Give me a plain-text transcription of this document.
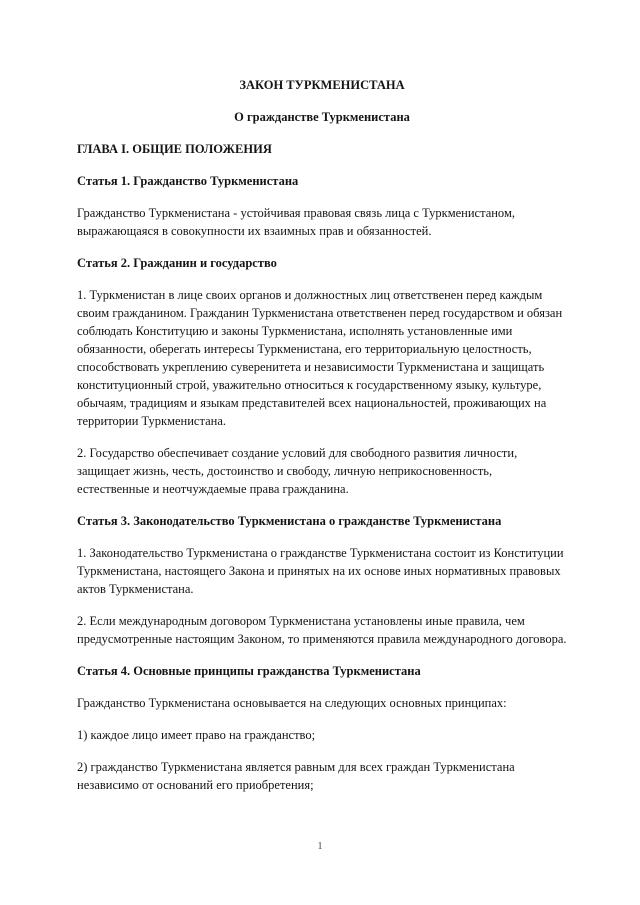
ЗАКОН ТУРКМЕНИСТАНА
О гражданстве Туркменистана
ГЛАВА I. ОБЩИЕ ПОЛОЖЕНИЯ
Статья 1. Гражданство Туркменистана

Гражданство Туркменистана - устойчивая правовая связь лица с Туркменистаном, выражающаяся в совокупности их взаимных прав и обязанностей.

Статья 2. Гражданин и государство

1. Туркменистан в лице своих органов и должностных лиц ответственен перед каждым своим гражданином. Гражданин Туркменистана ответственен перед государством и обязан соблюдать Конституцию и законы Туркменистана, исполнять установленные ими обязанности, оберегать интересы Туркменистана, его территориальную целостность, способствовать укреплению суверенитета и независимости Туркменистана и защищать конституционный строй, уважительно относиться к государственному языку, культуре, обычаям, традициям и языкам представителей всех национальностей, проживающих на территории Туркменистана.

2. Государство обеспечивает создание условий для свободного развития личности, защищает жизнь, честь, достоинство и свободу, личную неприкосновенность, естественные и неотчуждаемые права гражданина.

Статья 3. Законодательство Туркменистана о гражданстве Туркменистана

1. Законодательство Туркменистана о гражданстве Туркменистана состоит из Конституции Туркменистана, настоящего Закона и принятых на их основе иных нормативных правовых актов Туркменистана.

2. Если международным договором Туркменистана установлены иные правила, чем предусмотренные настоящим Законом, то применяются правила международного договора.

Статья 4. Основные принципы гражданства Туркменистана

Гражданство Туркменистана основывается на следующих основных принципах:

1) каждое лицо имеет право на гражданство;

2) гражданство Туркменистана является равным для всех граждан Туркменистана независимо от оснований его приобретения;

1
